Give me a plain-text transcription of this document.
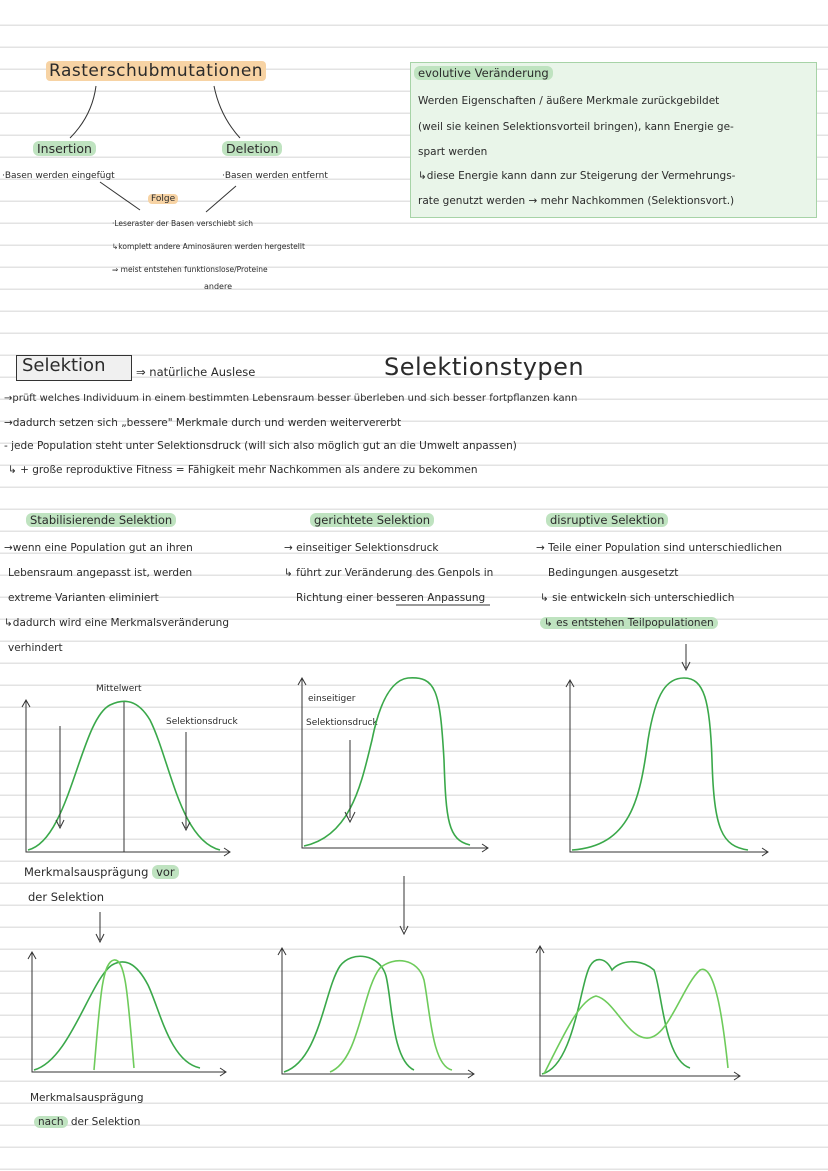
Rasterschubmutationen
Insertion	Deletion
·Basen werden eingefügt	·Basen werden entfernt
Folge
·Leseraster der Basen verschiebt sich
↳komplett andere Aminosäuren werden hergestellt
⇒ meist entstehen funktionslose/Proteine
andere
evolutive Veränderung
Werden Eigenschaften / äußere Merkmale zurückgebildet
(weil sie keinen Selektionsvorteil bringen), kann Energie ge-
spart werden
↳diese Energie kann dann zur Steigerung der Vermehrungs-
rate genutzt werden → mehr Nachkommen (Selektionsvort.)
Selektion	⇒ natürliche Auslese	Selektionstypen
→prüft welches Individuum in einem bestimmten Lebensraum besser überleben und sich besser fortpflanzen kann
→dadurch setzen sich „bessere" Merkmale durch und werden weitervererbt
- jede Population steht unter Selektionsdruck (will sich also möglich gut an die Umwelt anpassen)
↳ + große reproduktive Fitness = Fähigkeit mehr Nachkommen als andere zu bekommen
Stabilisierende Selektion
→wenn eine Population gut an ihren
Lebensraum angepasst ist, werden
extreme Varianten eliminiert
↳dadurch wird eine Merkmalsveränderung
verhindert
gerichtete Selektion
→ einseitiger Selektionsdruck
↳ führt zur Veränderung des Genpols in
Richtung einer besseren Anpassung
disruptive Selektion
→ Teile einer Population sind unterschiedlichen
Bedingungen ausgesetzt
↳ sie entwickeln sich unterschiedlich
↳ es entstehen Teilpopulationen
Mittelwert
Selektionsdruck
einseitiger
Selektionsdruck
Merkmalsausprägung vor
der Selektion
Merkmalsausprägung
nach der Selektion
